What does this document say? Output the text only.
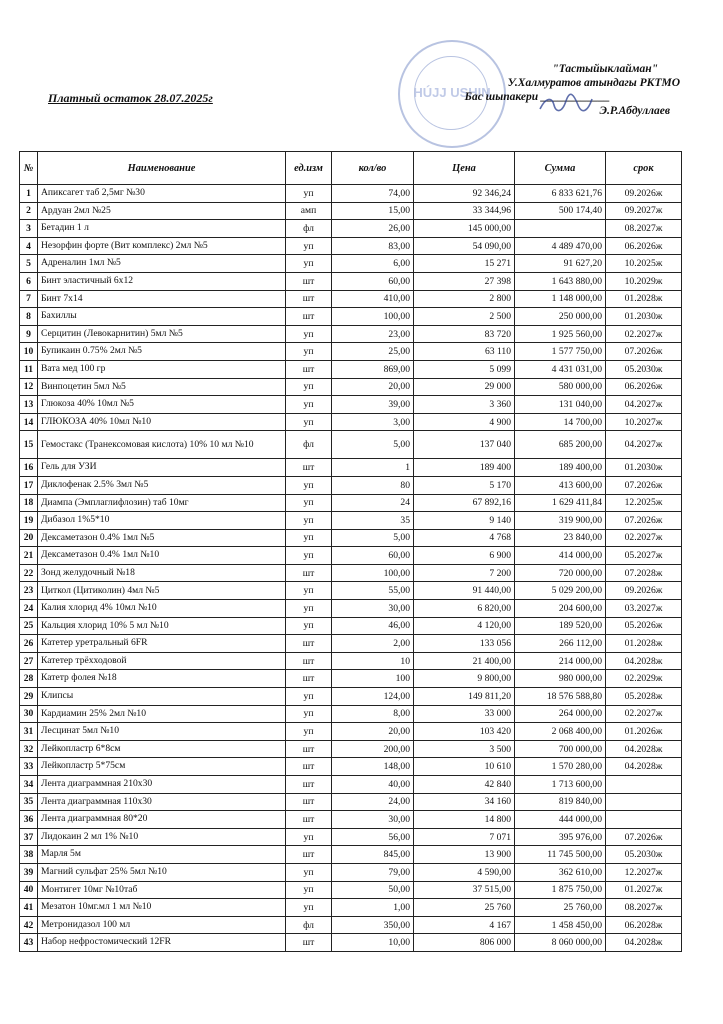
HÚJJ USHIN
"Тастыйыклайман"
У.Халмуратов атындагы РКТМО
Бас шыпакери ____________
Э.Р.Абдуллаев
Платный остаток 28.07.2025г
№	Наименование	ед.изм	кол/во	Цена	Сумма	срок
1	Апиксагет таб 2,5мг №30	уп	74,00	92 346,24	6 833 621,76	09.2026ж
2	Ардуан 2мл №25	амп	15,00	33 344,96	500 174,40	09.2027ж
3	Бетадин 1 л	фл	26,00	145 000,00		08.2027ж
4	Незорфин форте (Вит комплекс) 2мл №5	уп	83,00	54 090,00	4 489 470,00	06.2026ж
5	Адреналин 1мл №5	уп	6,00	15 271	91 627,20	10.2025ж
6	Бинт эластичный 6х12	шт	60,00	27 398	1 643 880,00	10.2029ж
7	Бинт 7х14	шт	410,00	2 800	1 148 000,00	01.2028ж
8	Бахиллы	шт	100,00	2 500	250 000,00	01.2030ж
9	Серцитин (Левокарнитин) 5мл №5	уп	23,00	83 720	1 925 560,00	02.2027ж
10	Бупикаин 0.75% 2мл №5	уп	25,00	63 110	1 577 750,00	07.2026ж
11	Вата мед 100 гр	шт	869,00	5 099	4 431 031,00	05.2030ж
12	Винпоцетин 5мл №5	уп	20,00	29 000	580 000,00	06.2026ж
13	Глюкоза 40% 10мл №5	уп	39,00	3 360	131 040,00	04.2027ж
14	ГЛЮКОЗА 40% 10мл №10	уп	3,00	4 900	14 700,00	10.2027ж
15	Гемостакс (Транексомовая кислота) 10% 10 мл №10	фл	5,00	137 040	685 200,00	04.2027ж
16	Гель для УЗИ	шт	1	189 400	189 400,00	01.2030ж
17	Диклофенак 2.5% 3мл №5	уп	80	5 170	413 600,00	07.2026ж
18	Диампа (Эмплаглифлозин) таб 10мг	уп	24	67 892,16	1 629 411,84	12.2025ж
19	Дибазол 1%5*10	уп	35	9 140	319 900,00	07.2026ж
20	Дексаметазон 0.4% 1мл №5	уп	5,00	4 768	23 840,00	02.2027ж
21	Дексаметазон 0.4% 1мл №10	уп	60,00	6 900	414 000,00	05.2027ж
22	Зонд желудочный №18	шт	100,00	7 200	720 000,00	07.2028ж
23	Циткол (Цитиколин) 4мл №5	уп	55,00	91 440,00	5 029 200,00	09.2026ж
24	Калия хлорид 4% 10мл №10	уп	30,00	6 820,00	204 600,00	03.2027ж
25	Кальция хлорид 10% 5 мл №10	уп	46,00	4 120,00	189 520,00	05.2026ж
26	Катетер уретральный 6FR	шт	2,00	133 056	266 112,00	01.2028ж
27	Катетер трёхходовой	шт	10	21 400,00	214 000,00	04.2028ж
28	Катетр фолея №18	шт	100	9 800,00	980 000,00	02.2029ж
29	Клипсы	уп	124,00	149 811,20	18 576 588,80	05.2028ж
30	Кардиамин 25% 2мл №10	уп	8,00	33 000	264 000,00	02.2027ж
31	Лесцинат 5мл №10	уп	20,00	103 420	2 068 400,00	01.2026ж
32	Лейкопластр 6*8см	шт	200,00	3 500	700 000,00	04.2028ж
33	Лейкопластр 5*75см	шт	148,00	10 610	1 570 280,00	04.2028ж
34	Лента диаграммная 210х30	шт	40,00	42 840	1 713 600,00	
35	Лента диаграммная 110х30	шт	24,00	34 160	819 840,00	
36	Лента диаграммная 80*20	шт	30,00	14 800	444 000,00	
37	Лидокаин 2 мл 1% №10	уп	56,00	7 071	395 976,00	07.2026ж
38	Марля 5м	шт	845,00	13 900	11 745 500,00	05.2030ж
39	Магний сульфат 25% 5мл №10	уп	79,00	4 590,00	362 610,00	12.2027ж
40	Монтигет 10мг №10таб	уп	50,00	37 515,00	1 875 750,00	01.2027ж
41	Мезатон 10мг.мл 1 мл №10	уп	1,00	25 760	25 760,00	08.2027ж
42	Метронидазол 100 мл	фл	350,00	4 167	1 458 450,00	06.2028ж
43	Набор нефростомический 12FR	шт	10,00	806 000	8 060 000,00	04.2028ж
